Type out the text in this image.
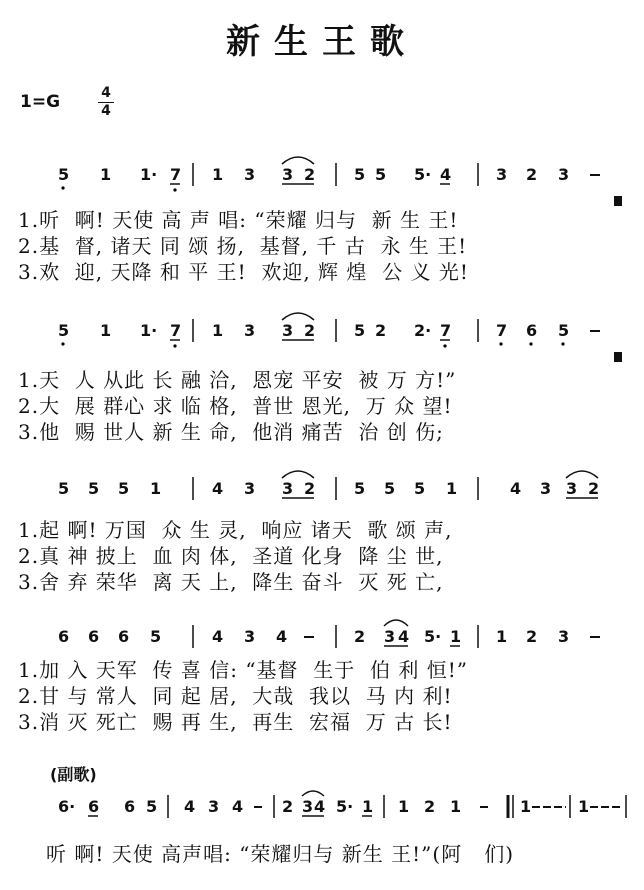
新生王歌
1=G	4
4
5 1 1· 7 1 3 3 2 5 5 5· 4	3 2 3
5 1 1· 7 1 3 3 2 5 2 2· 7	7 6 5
5 5 5 1	4 3 3 2 5 5 5 1	4 3 3 2
6 6 6 5	4 3 4	2 3 4 5· 1 1 2 3
6· 6 6 5 4 3 4 2 3 4 5· 1 1 2 1	1	1
1.听  啊! 天使 高 声 唱: “荣耀 归与  新 生 王!
2.基  督, 诸天 同 颂 扬,  基督, 千 古  永 生 王!
3.欢  迎, 天降 和 平 王!  欢迎, 辉 煌  公 义 光!
1.天  人 从此 长 融 洽,  恩宠 平安  被 万 方!”
2.大  展 群心 求 临 格,  普世 恩光,  万 众 望!
3.他  赐 世人 新 生 命,  他消 痛苦  治 创 伤;
1.起 啊! 万国  众 生 灵,  响应 诸天  歌 颂 声,
2.真 神 披上  血 肉 体,  圣道 化身  降 尘 世,
3.舍 弃 荣华  离 天 上,  降生 奋斗  灭 死 亡,
1.加 入 天军  传 喜 信: “基督  生于  伯 利 恒!”
2.甘 与 常人  同 起 居,  大哉  我以  马 内 利!
3.消 灭 死亡  赐 再 生,  再生  宏福  万 古 长!
(副歌)
听 啊! 天使 高声唱: “荣耀归与 新生 王!”(阿   们)
